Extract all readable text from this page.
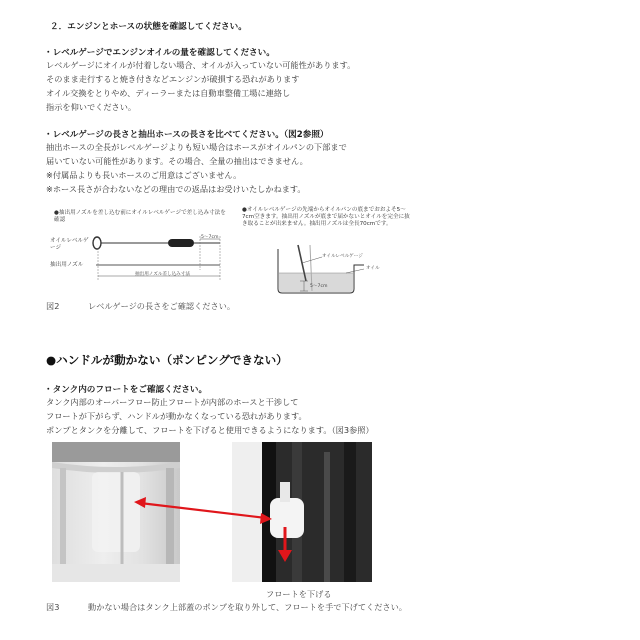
２．エンジンとホースの状態を確認してください。
・レベルゲージでエンジンオイルの量を確認してください。
レベルゲージにオイルが付着しない場合、オイルが入っていない可能性があります。
そのまま走行すると焼き付きなどエンジンが破損する恐れがあります
オイル交換をとりやめ、ディーラーまたは自動車整備工場に連絡し
指示を仰いでください。
・レベルゲージの長さと抽出ホースの長さを比べてください。（図2参照）
抽出ホースの全長がレベルゲージよりも短い場合はホースがオイルパンの下部まで
届いていない可能性があります。その場合、全量の抽出はできません。
※付属品よりも長いホースのご用意はございません。
※ホース長さが合わないなどの理由での返品はお受けいたしかねます。
●抽出用ノズルを差し込む前にオイルレベルゲージで差し込み寸法を確認
オイルレベルゲージ
抽出用ノズル
5〜7cm
抽出用ノズル差し込み寸法
●オイルレベルゲージの先端からオイルパンの底までおおよそ5〜7cm空きます。抽出用ノズルが底まで届かないとオイルを完全に抜き取ることが出来ません。抽出用ノズルは全長70cmです。
オイルレベルゲージ
オイル
5〜7cm
図2	レベルゲージの長さをご確認ください。
●ハンドルが動かない（ポンピングできない）
・タンク内のフロートをご確認ください。
タンク内部のオーバーフロー防止フロートが内部のホースと干渉して
フロートが下がらず、ハンドルが動かなくなっている恐れがあります。
ポンプとタンクを分離して、フロートを下げると使用できるようになります。（図3参照）
フロートを下げる
図3	動かない場合はタンク上部蓋のポンプを取り外して、フロートを手で下げてください。
